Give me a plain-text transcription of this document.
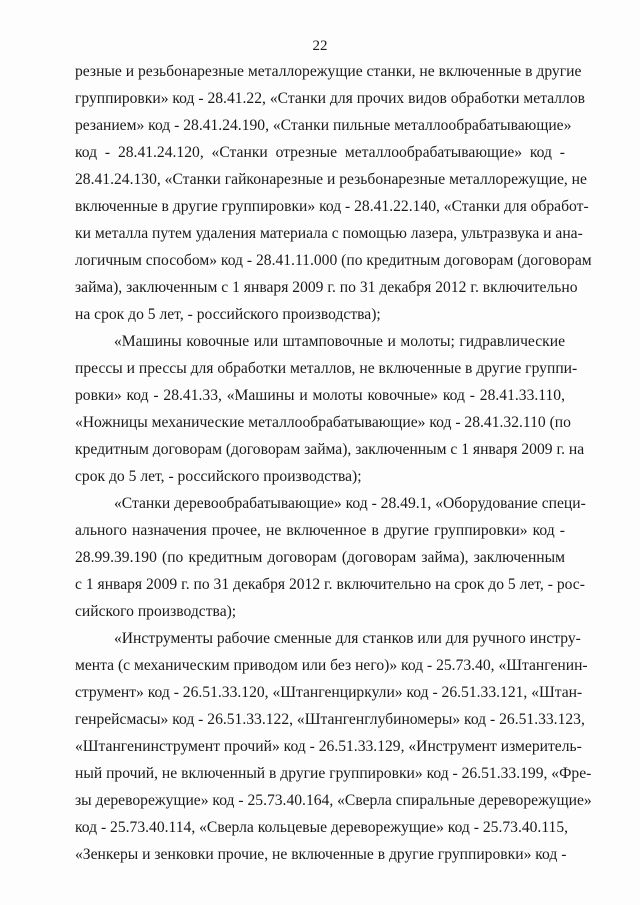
22
резные и резьбонарезные металлорежущие станки, не включенные в другие
группировки» код - 28.41.22, «Станки для прочих видов обработки металлов
резанием» код - 28.41.24.190, «Станки пильные металлообрабатывающие»
код - 28.41.24.120, «Станки отрезные металлообрабатывающие» код -
28.41.24.130, «Станки гайконарезные и резьбонарезные металлорежущие, не
включенные в другие группировки» код - 28.41.22.140, «Станки для обработ-
ки металла путем удаления материала с помощью лазера, ультразвука и ана-
логичным способом» код - 28.41.11.000 (по кредитным договорам (договорам
займа), заключенным с 1 января 2009 г. по 31 декабря 2012 г. включительно
на срок до 5 лет, - российского производства);
«Машины ковочные или штамповочные и молоты; гидравлические
прессы и прессы для обработки металлов, не включенные в другие группи-
ровки» код - 28.41.33, «Машины и молоты ковочные» код - 28.41.33.110,
«Ножницы механические металлообрабатывающие» код - 28.41.32.110 (по
кредитным договорам (договорам займа), заключенным с 1 января 2009 г. на
срок до 5 лет, - российского производства);
«Станки деревообрабатывающие» код - 28.49.1, «Оборудование специ-
ального назначения прочее, не включенное в другие группировки» код -
28.99.39.190 (по кредитным договорам (договорам займа), заключенным
с 1 января 2009 г. по 31 декабря 2012 г. включительно на срок до 5 лет, - рос-
сийского производства);
«Инструменты рабочие сменные для станков или для ручного инстру-
мента (с механическим приводом или без него)» код - 25.73.40, «Штангенин-
струмент» код - 26.51.33.120, «Штангенциркули» код - 26.51.33.121, «Штан-
генрейсмасы» код - 26.51.33.122, «Штангенглубиномеры» код - 26.51.33.123,
«Штангенинструмент прочий» код - 26.51.33.129, «Инструмент измеритель-
ный прочий, не включенный в другие группировки» код - 26.51.33.199, «Фре-
зы дереворежущие» код - 25.73.40.164, «Сверла спиральные дереворежущие»
код - 25.73.40.114, «Сверла кольцевые дереворежущие» код - 25.73.40.115,
«Зенкеры и зенковки прочие, не включенные в другие группировки» код -
